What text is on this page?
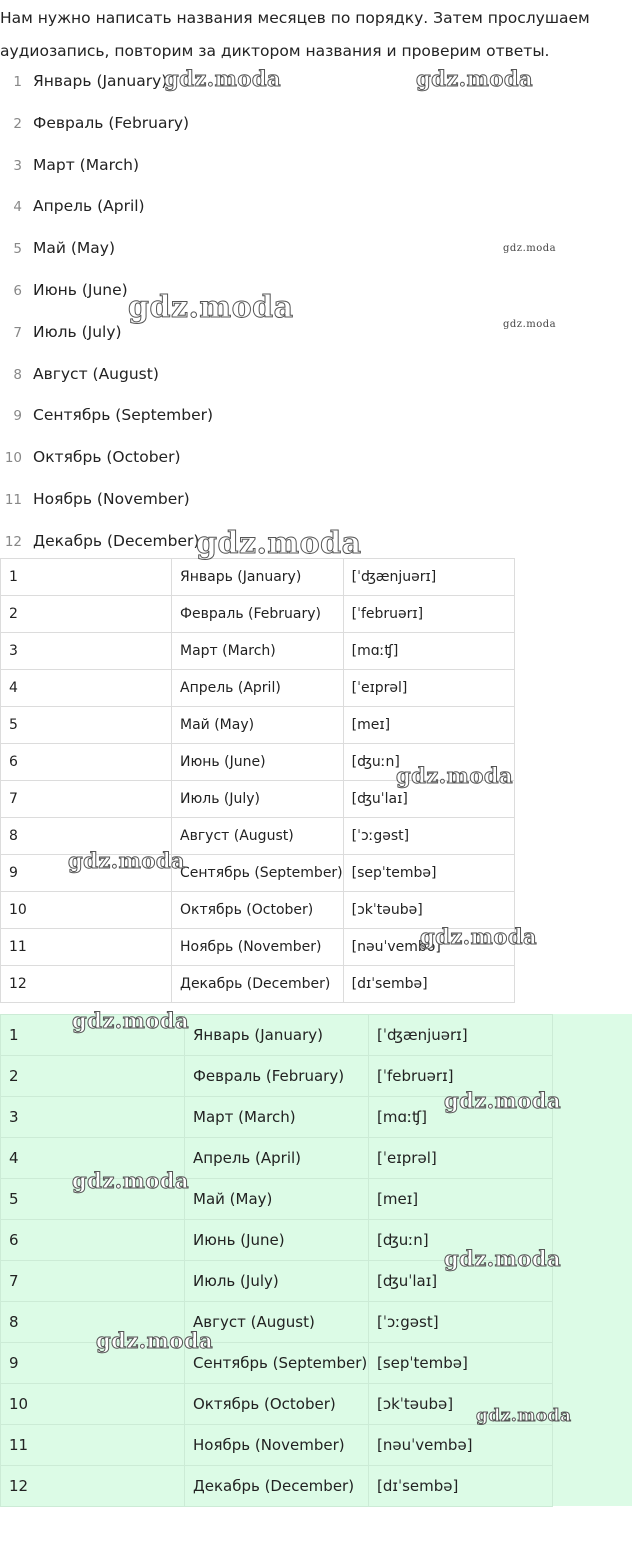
Нам нужно написать названия месяцев по порядку. Затем прослушаем аудиозапись, повторим за диктором названия и проверим ответы.

1 Январь (January)
2 Февраль (February)
3 Март (March)
4 Апрель (April)
5 Май (May)
6 Июнь (June)
7 Июль (July)
8 Август (August)
9 Сентябрь (September)
10 Октябрь (October)
11 Ноябрь (November)
12 Декабрь (December)
1	Январь (January)	[ˈʤænjuərɪ]
2	Февраль (February)	[ˈfebruərɪ]
3	Март (March)	[mɑːʧ]
4	Апрель (April)	[ˈeɪprəl]
5	Май (May)	[meɪ]
6	Июнь (June)	[ʤuːn]
7	Июль (July)	[ʤuˈlaɪ]
8	Август (August)	[ˈɔːgəst]
9	Сентябрь (September)	[sepˈtembə]
10	Октябрь (October)	[ɔkˈtəubə]
11	Ноябрь (November)	[nəuˈvembə]
12	Декабрь (December)	[dɪˈsembə]
1	Январь (January)	[ˈʤænjuərɪ]
2	Февраль (February)	[ˈfebruərɪ]
3	Март (March)	[mɑːʧ]
4	Апрель (April)	[ˈeɪprəl]
5	Май (May)	[meɪ]
6	Июнь (June)	[ʤuːn]
7	Июль (July)	[ʤuˈlaɪ]
8	Август (August)	[ˈɔːgəst]
9	Сентябрь (September)	[sepˈtembə]
10	Октябрь (October)	[ɔkˈtəubə]
11	Ноябрь (November)	[nəuˈvembə]
12	Декабрь (December)	[dɪˈsembə]
gdz.moda	gdz.moda
gdz.moda
gdz.moda	gdz.moda
gdz.moda
gdz.moda
gdz.moda
gdz.moda
gdz.moda
gdz.moda
gdz.moda
gdz.moda
gdz.moda
gdz.moda
